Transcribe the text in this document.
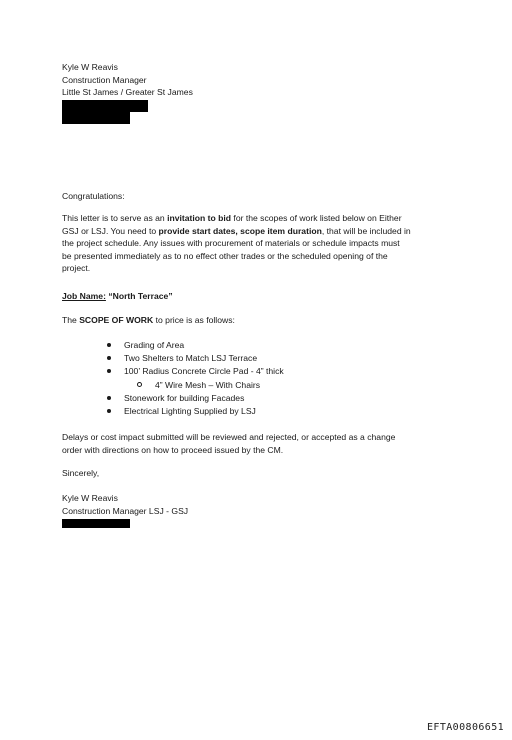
Kyle W Reavis
Construction Manager
Little St James / Greater St James
Congratulations:
This letter is to serve as an invitation to bid for the scopes of work listed below on Either
GSJ or LSJ. You need to provide start dates, scope item duration, that will be included in
the project schedule. Any issues with procurement of materials or schedule impacts must
be presented immediately as to no effect other trades or the scheduled opening of the
project.
Job Name: “North Terrace”
The SCOPE OF WORK to price is as follows:
Grading of Area
Two Shelters to Match LSJ Terrace
100’ Radius Concrete Circle Pad - 4” thick
4” Wire Mesh – With Chairs
Stonework for building Facades
Electrical Lighting Supplied by LSJ
Delays or cost impact submitted will be reviewed and rejected, or accepted as a change
order with directions on how to proceed issued by the CM.
Sincerely,
Kyle W Reavis
Construction Manager LSJ - GSJ
EFTA00806651
